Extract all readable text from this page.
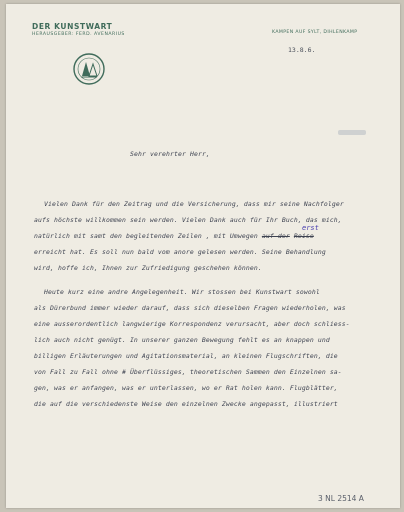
DER KUNSTWART
HERAUSGEBER: FERD. AVENARIUS	KAMPEN AUF SYLT, DIHLENKAMP
13.8.6.
Sehr verehrter Herr,
Vielen Dank für den Zeitrag und die Versicherung, dass mir seine Nachfolger
aufs höchste willkommen sein werden. Vielen Dank auch für Ihr Buch, das mich,
natürlich mit samt den begleitenden Zeilen , mit Umwegen auf der Reise
erst
erreicht hat. Es soll nun bald vom anore gelesen werden. Seine Behandlung
wird, hoffe ich, Ihnen zur Zufriedigung geschehen können.
Heute kurz eine andre Angelegenheit. Wir stossen bei Kunstwart sowohl
als Dürerbund immer wieder darauf, dass sich dieselben Fragen wiederholen, was
eine ausserordentlich langwierige Korrespondenz verursacht, aber doch schliess-
lich auch nicht genügt. In unserer ganzen Bewegung fehlt es an knappen und
billigen Erläuterungen und Agitationsmaterial, an kleinen Flugschriften, die
von Fall zu Fall ohne # Überflüssiges, theoretischen Sammen den Einzelnen sa-
gen, was er anfangen, was er unterlassen, wo er Rat holen kann. Flugblätter,
die auf die verschiedenste Weise den einzelnen Zwecke angepasst, illustriert
3 NL 2514 A
